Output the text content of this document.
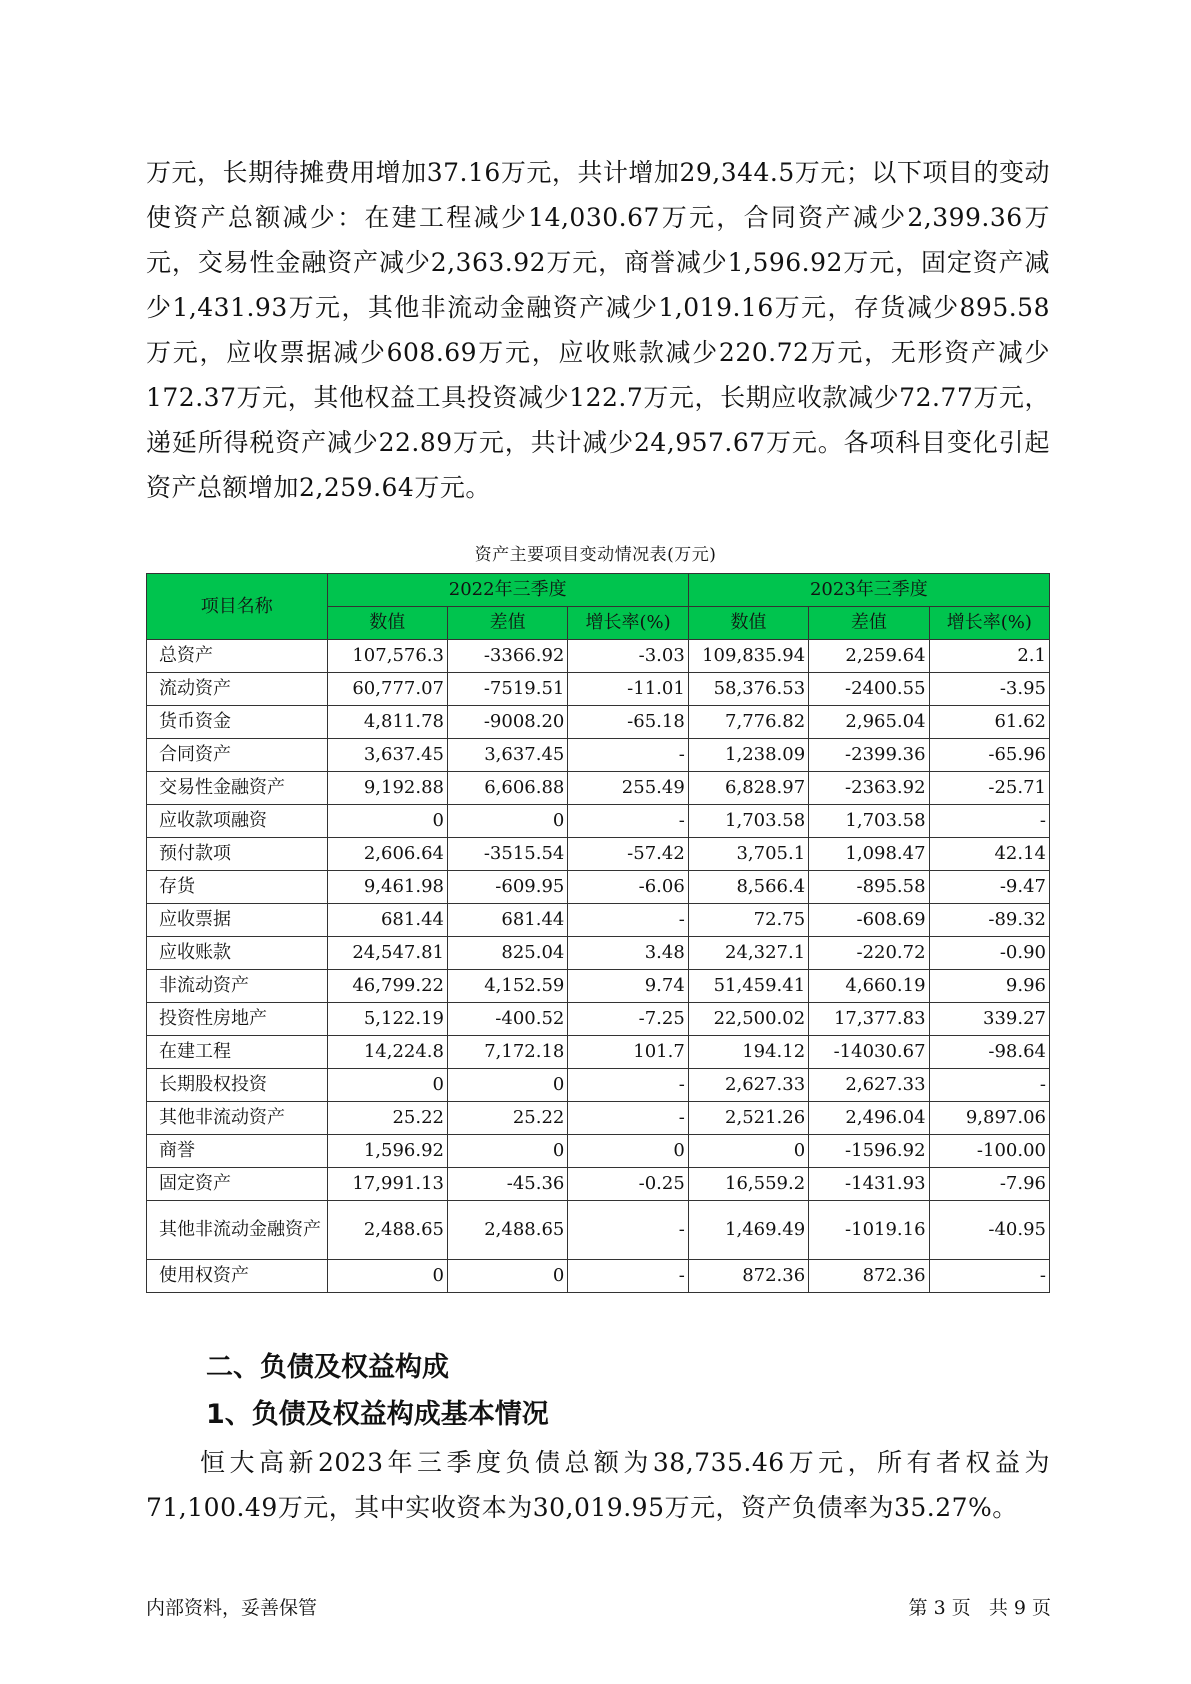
万元，长期待摊费用增加37.16万元，共计增加29,344.5万元；以下项目的变动使资产总额减少：在建工程减少14,030.67万元，合同资产减少2,399.36万元，交易性金融资产减少2,363.92万元，商誉减少1,596.92万元，固定资产减少1,431.93万元，其他非流动金融资产减少1,019.16万元，存货减少895.58万元，应收票据减少608.69万元，应收账款减少220.72万元，无形资产减少172.37万元，其他权益工具投资减少122.7万元，长期应收款减少72.77万元，递延所得税资产减少22.89万元，共计减少24,957.67万元。各项科目变化引起资产总额增加2,259.64万元。

资产主要项目变动情况表(万元)
项目名称	2022年三季度			2023年三季度		
	数值	差值	增长率(%)	数值	差值	增长率(%)
总资产	107,576.3	-3366.92	-3.03	109,835.94	2,259.64	2.1
流动资产	60,777.07	-7519.51	-11.01	58,376.53	-2400.55	-3.95
货币资金	4,811.78	-9008.20	-65.18	7,776.82	2,965.04	61.62
合同资产	3,637.45	3,637.45	-	1,238.09	-2399.36	-65.96
交易性金融资产	9,192.88	6,606.88	255.49	6,828.97	-2363.92	-25.71
应收款项融资	0	0	-	1,703.58	1,703.58	-
预付款项	2,606.64	-3515.54	-57.42	3,705.1	1,098.47	42.14
存货	9,461.98	-609.95	-6.06	8,566.4	-895.58	-9.47
应收票据	681.44	681.44	-	72.75	-608.69	-89.32
应收账款	24,547.81	825.04	3.48	24,327.1	-220.72	-0.90
非流动资产	46,799.22	4,152.59	9.74	51,459.41	4,660.19	9.96
投资性房地产	5,122.19	-400.52	-7.25	22,500.02	17,377.83	339.27
在建工程	14,224.8	7,172.18	101.7	194.12	-14030.67	-98.64
长期股权投资	0	0	-	2,627.33	2,627.33	-
其他非流动资产	25.22	25.22	-	2,521.26	2,496.04	9,897.06
商誉	1,596.92	0	0	0	-1596.92	-100.00
固定资产	17,991.13	-45.36	-0.25	16,559.2	-1431.93	-7.96
其他非流动金融资产	2,488.65	2,488.65	-	1,469.49	-1019.16	-40.95
使用权资产	0	0	-	872.36	872.36	-
二、负债及权益构成
1、负债及权益构成基本情况

恒大高新2023年三季度负债总额为38,735.46万元，所有者权益为71,100.49万元，其中实收资本为30,019.95万元，资产负债率为35.27%。

内部资料，妥善保管	第 3 页   共 9 页
